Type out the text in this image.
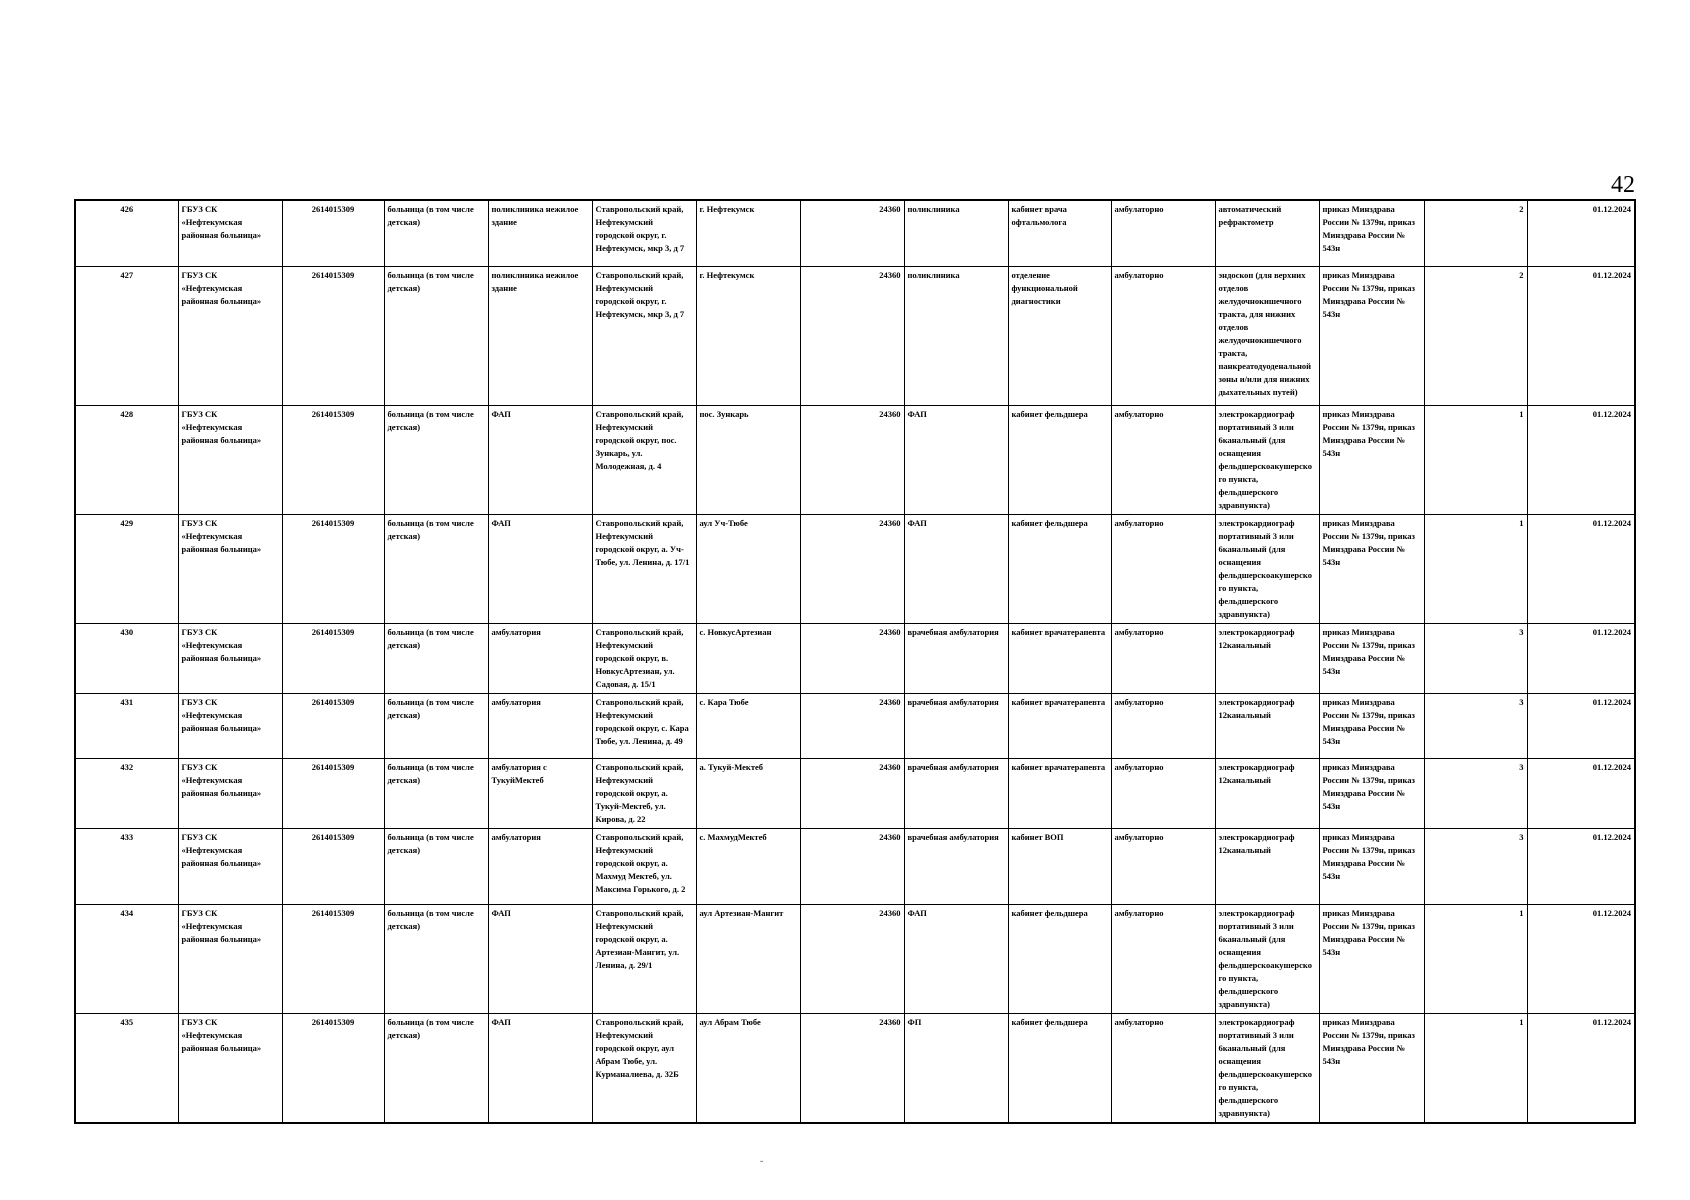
42
426	ГБУЗ СК «Нефтекумская районная больница»	2614015309	больница (в том числе детская)	поликлиника нежилое здание	Ставропольский край, Нефтекумский городской округ, г. Нефтекумск, мкр 3, д 7	г. Нефтекумск	24360	поликлиника	кабинет врача офтальмолога	амбулаторно	автоматический рефрактометр	приказ Минздрава России № 1379н, приказ Минздрава России № 543н	2	01.12.2024
427	ГБУЗ СК «Нефтекумская районная больница»	2614015309	больница (в том числе детская)	поликлиника нежилое здание	Ставропольский край, Нефтекумский городской округ, г. Нефтекумск, мкр 3, д 7	г. Нефтекумск	24360	поликлиника	отделение функциональной диагностики	амбулаторно	эндоскоп (для верхних отделов желудочнокишечного тракта, для нижних отделов желудочнокишечного тракта, панкреатодуоденальной зоны и/или для нижних дыхательных путей)	приказ Минздрава России № 1379н, приказ Минздрава России № 543н	2	01.12.2024
428	ГБУЗ СК «Нефтекумская районная больница»	2614015309	больница (в том числе детская)	ФАП	Ставропольский край, Нефтекумский городской округ, пос. Зункарь, ул. Молодежная, д. 4	пос. Зункарь	24360	ФАП	кабинет фельдшера	амбулаторно	электрокардиограф портативный 3 или 6канальный (для оснащения фельдшерскоакушерского пункта, фельдшерского здравпункта)	приказ Минздрава России № 1379н, приказ Минздрава России № 543н	1	01.12.2024
429	ГБУЗ СК «Нефтекумская районная больница»	2614015309	больница (в том числе детская)	ФАП	Ставропольский край, Нефтекумский городской округ, а. Уч-Тюбе, ул. Ленина, д. 17/1	аул Уч-Тюбе	24360	ФАП	кабинет фельдшера	амбулаторно	электрокардиограф портативный 3 или 6канальный (для оснащения фельдшерскоакушерского пункта, фельдшерского здравпункта)	приказ Минздрава России № 1379н, приказ Минздрава России № 543н	1	01.12.2024
430	ГБУЗ СК «Нефтекумская районная больница»	2614015309	больница (в том числе детская)	амбулатория	Ставропольский край, Нефтекумский городской округ, в. НовкусАртезиан, ул. Садовая, д. 15/1	с. НовкусАртезиан	24360	врачебная амбулатория	кабинет врачатерапевта	амбулаторно	электрокардиограф 12канальный	приказ Минздрава России № 1379н, приказ Минздрава России № 543н	3	01.12.2024
431	ГБУЗ СК «Нефтекумская районная больница»	2614015309	больница (в том числе детская)	амбулатория	Ставропольский край, Нефтекумский городской округ, с. Кара Тюбе, ул. Ленина, д. 49	с. Кара Тюбе	24360	врачебная амбулатория	кабинет врачатерапевта	амбулаторно	электрокардиограф 12канальный	приказ Минздрава России № 1379н, приказ Минздрава России № 543н	3	01.12.2024
432	ГБУЗ СК «Нефтекумская районная больница»	2614015309	больница (в том числе детская)	амбулатория с ТукуйМектеб	Ставропольский край, Нефтекумский городской округ, а. Тукуй-Мектеб, ул. Кирова, д. 22	а. Тукуй-Мектеб	24360	врачебная амбулатория	кабинет врачатерапевта	амбулаторно	электрокардиограф 12канальный	приказ Минздрава России № 1379н, приказ Минздрава России № 543н	3	01.12.2024
433	ГБУЗ СК «Нефтекумская районная больница»	2614015309	больница (в том числе детская)	амбулатория	Ставропольский край, Нефтекумский городской округ, а. Махмуд Мектеб, ул. Максима Горького, д. 2	с. МахмудМектеб	24360	врачебная амбулатория	кабинет ВОП	амбулаторно	электрокардиограф 12канальный	приказ Минздрава России № 1379н, приказ Минздрава России № 543н	3	01.12.2024
434	ГБУЗ СК «Нефтекумская районная больница»	2614015309	больница (в том числе детская)	ФАП	Ставропольский край, Нефтекумский городской округ, а. Артезиан-Мангит, ул. Ленина, д. 29/1	аул Артезиан-Мангит	24360	ФАП	кабинет фельдшера	амбулаторно	электрокардиограф портативный 3 или 6канальный (для оснащения фельдшерскоакушерского пункта, фельдшерского здравпункта)	приказ Минздрава России № 1379н, приказ Минздрава России № 543н	1	01.12.2024
435	ГБУЗ СК «Нефтекумская районная больница»	2614015309	больница (в том числе детская)	ФАП	Ставропольский край, Нефтекумский городской округ, аул Абрам Тюбе, ул. Курманалиева, д. 32Б	аул Абрам Тюбе	24360	ФП	кабинет фельдшера	амбулаторно	электрокардиограф портативный 3 или 6канальный (для оснащения фельдшерскоакушерского пункта, фельдшерского здравпункта)	приказ Минздрава России № 1379н, приказ Минздрава России № 543н	1	01.12.2024
˘
